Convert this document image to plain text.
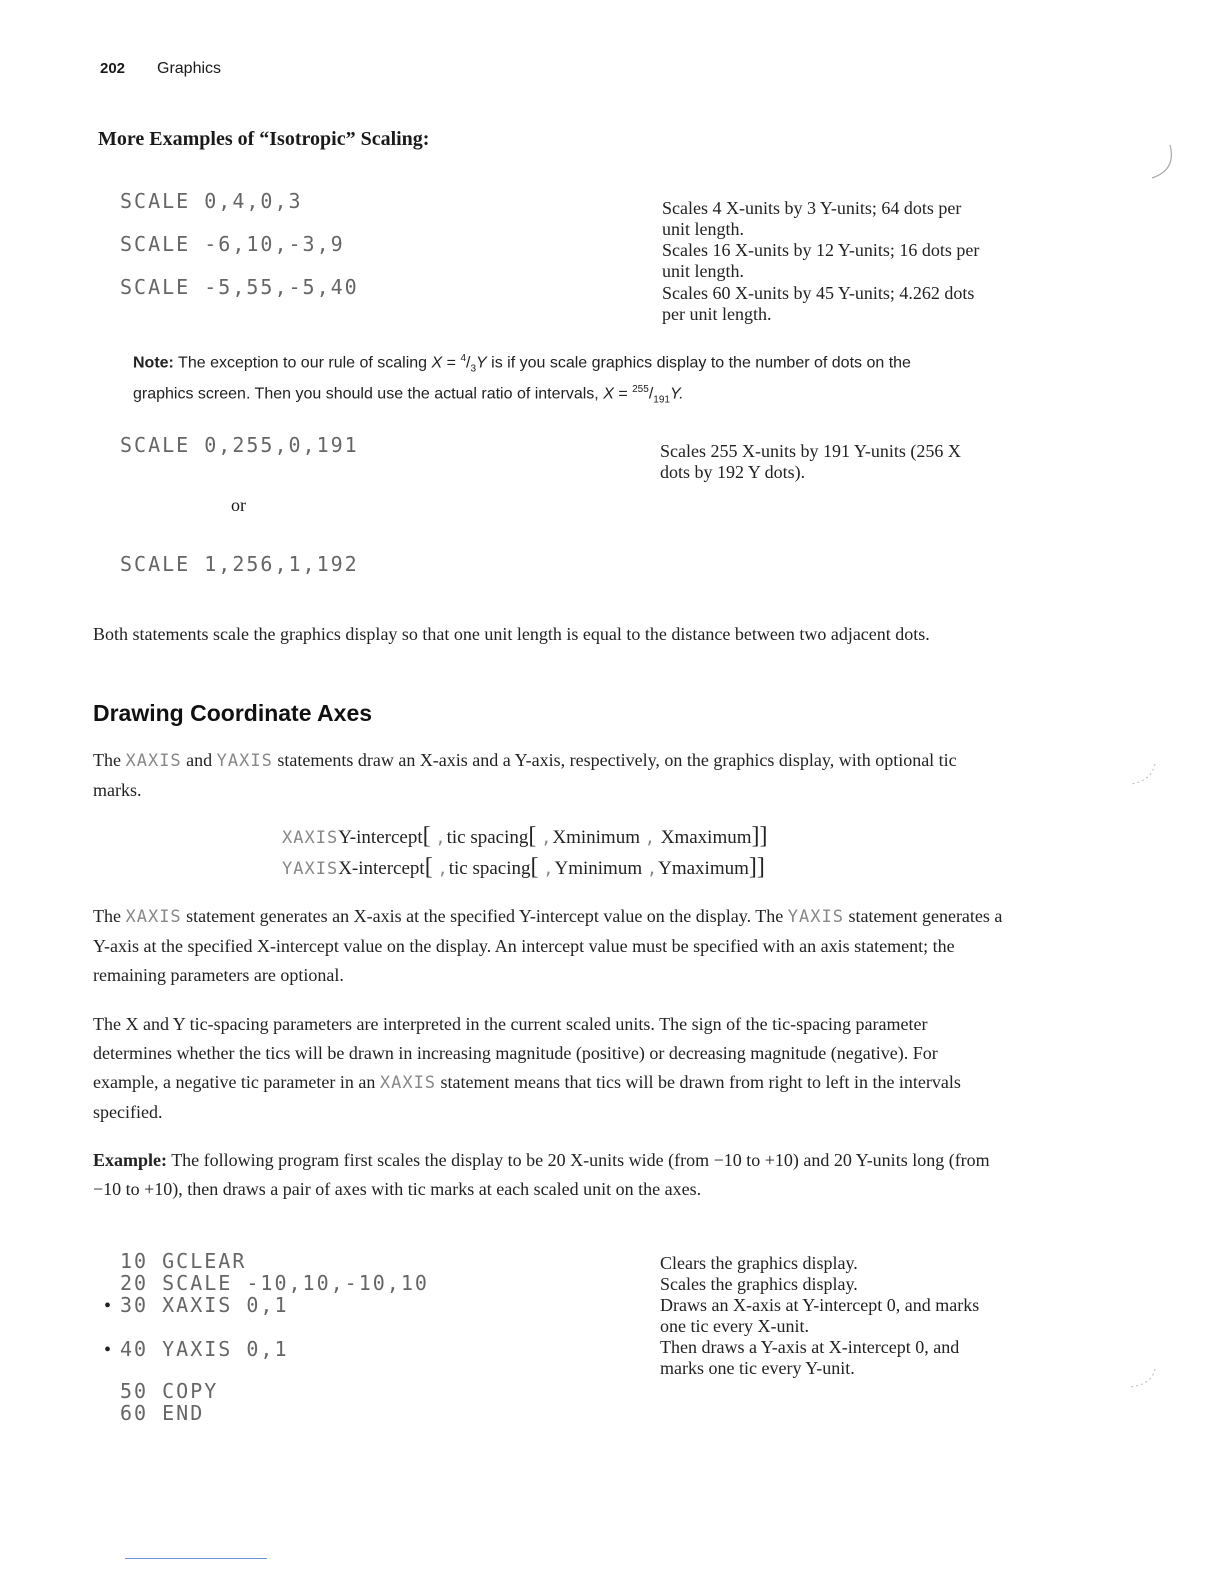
202 Graphics
More Examples of “Isotropic” Scaling:
SCALE 0,4,0,3
SCALE -6,10,-3,9
SCALE -5,55,-5,40
Scales 4 X-units by 3 Y-units; 64 dots per unit length.
Scales 16 X-units by 12 Y-units; 16 dots per unit length.
Scales 60 X-units by 45 Y-units; 4.262 dots per unit length.
Note: The exception to our rule of scaling $X = ^4/_3Y$ is if you scale graphics display to the number of dots on the
graphics screen. Then you should use the actual ratio of intervals, $X = ^{255}/_{191}Y$.
SCALE 0,255,0,191	Scales 255 X-units by 191 Y-units (256 X dots by 192 Y dots).
or
SCALE 1,256,1,192
Both statements scale the graphics display so that one unit length is equal to the distance between two adjacent dots.
Drawing Coordinate Axes
The XAXIS and YAXIS statements draw an X-axis and a Y-axis, respectively, on the graphics display, with optional tic marks.
XAXISY-intercept[ ,tic spacing[ ,Xminimum , Xmaximum]]
YAXISX-intercept[ ,tic spacing[ ,Yminimum ,Ymaximum]]
The XAXIS statement generates an X-axis at the specified Y-intercept value on the display. The YAXIS statement generates a Y-axis at the specified X-intercept value on the display. An intercept value must be specified with an axis statement; the remaining parameters are optional.
The X and Y tic-spacing parameters are interpreted in the current scaled units. The sign of the tic-spacing parameter determines whether the tics will be drawn in increasing magnitude (positive) or decreasing magnitude (negative). For example, a negative tic parameter in an XAXIS statement means that tics will be drawn from right to left in the intervals specified.
Example: The following program first scales the display to be 20 X-units wide (from −10 to +10) and 20 Y-units long (from −10 to +10), then draws a pair of axes with tic marks at each scaled unit on the axes.
10 GCLEAR
20 SCALE -10,10,-10,10
• 30 XAXIS 0,1
• 40 YAXIS 0,1
50 COPY
60 END
Clears the graphics display.
Scales the graphics display.
Draws an X-axis at Y-intercept 0, and marks one tic every X-unit.
Then draws a Y-axis at X-intercept 0, and marks one tic every Y-unit.
